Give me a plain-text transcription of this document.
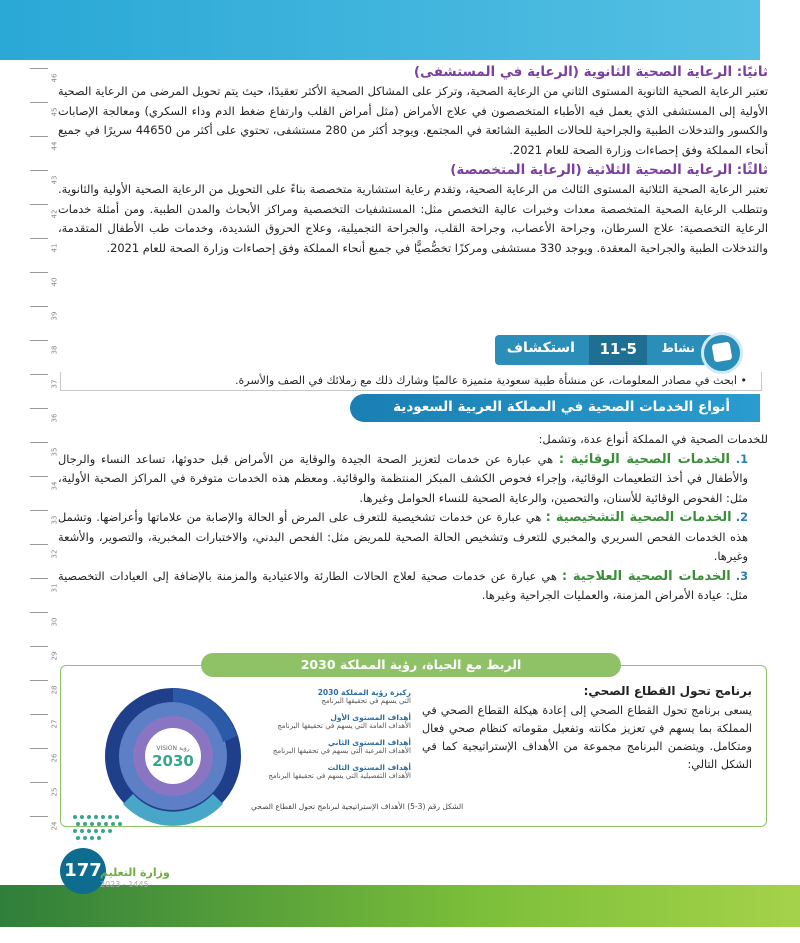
46
45
44
43
42
41
40
39
38
37
36
35
34
33
32
31
30
29
28
27
26
25
24
ثانيًا: الرعاية الصحية الثانوية (الرعاية في المستشفى)

تعتبر الرعاية الصحية الثانوية المستوى الثاني من الرعاية الصحية، وتركز على المشاكل الصحية الأكثر تعقيدًا، حيث يتم تحويل المرضى من الرعاية الصحية الأولية إلى المستشفى الذي يعمل فيه الأطباء المتخصصون في علاج الأمراض (مثل أمراض القلب وارتفاع ضغط الدم وداء السكري) ومعالجة الإصابات والكسور والتدخلات الطبية والجراحية للحالات الطبية الشائعة في المجتمع. ويوجد أكثر من 280 مستشفى، تحتوي على أكثر من 44650 سريرًا في جميع أنحاء المملكة وفق إحصاءات وزارة الصحة للعام 2021.

ثالثًا: الرعاية الصحية الثلاثية (الرعاية المتخصصة)

تعتبر الرعاية الصحية الثلاثية المستوى الثالث من الرعاية الصحية، وتقدم رعاية استشارية متخصصة بناءً على التحويل من الرعاية الصحية الأولية والثانوية. وتتطلب الرعاية الصحية المتخصصة معدات وخبرات عالية التخصص مثل: المستشفيات التخصصية ومراكز الأبحاث والمدن الطبية. ومن أمثلة خدمات الرعاية التخصصية: علاج السرطان، وجراحة الأعصاب، وجراحة القلب، والجراحة التجميلية، وعلاج الحروق الشديدة، وخدمات طب الأطفال المتقدمة، والتدخلات الطبية والجراحية المعقدة. ويوجد 330 مستشفى ومركزًا تخصُّصيًّا في جميع أنحاء المملكة وفق إحصاءات وزارة الصحة للعام 2021.

نشاط
11-5
استكشاف
• ابحث في مصادر المعلومات، عن منشأة طبية سعودية متميزة عالميًا وشارك ذلك مع زملائك في الصف والأسرة.
أنواع الخدمات الصحية في المملكة العربية السعودية

للخدمات الصحية في المملكة أنواع عدة، وتشمل:

1. الخدمات الصحية الوقائية : هي عبارة عن خدمات لتعزيز الصحة الجيدة والوقاية من الأمراض قبل حدوثها، تساعد النساء والرجال والأطفال في أخذ التطعيمات الوقائية، وإجراء فحوص الكشف المبكر المنتظمة والوقائية. ومعظم هذه الخدمات متوفرة في المراكز الصحية الأولية، مثل: الفحوص الوقائية للأسنان، والتحصين، والرعاية الصحية للنساء الحوامل وغيرها.

2. الخدمات الصحية التشخيصية : هي عبارة عن خدمات تشخيصية للتعرف على المرض أو الحالة والإصابة من علاماتها وأعراضها. وتشمل هذه الخدمات الفحص السريري والمخبري للتعرف وتشخيص الحالة الصحية للمريض مثل: الفحص البدني، والاختبارات المخبرية، والتصوير، والأشعة وغيرها.

3. الخدمات الصحية العلاجية : هي عبارة عن خدمات صحية لعلاج الحالات الطارئة والاعتيادية والمزمنة بالإضافة إلى العيادات التخصصية مثل: عيادة الأمراض المزمنة، والعمليات الجراحية وغيرها.

الربط مع الحياة، رؤية المملكة 2030
برنامج تحول القطاع الصحي:
يسعى برنامج تحول القطاع الصحي إلى إعادة هيكلة القطاع الصحي في المملكة بما يسهم في تعزيز مكانته وتفعيل مقوماته كنظام صحي فعال ومتكامل. ويتضمن البرنامج مجموعة من الأهداف الإستراتيجية كما في الشكل التالي:
VISION رؤية
2030
ركيزة رؤية المملكة 2030
التي يسهم في تحقيقها البرنامج
أهداف المستوى الأول
الأهداف العامة التي يسهم في تحقيقها البرنامج
أهداف المستوى الثاني
الأهداف الفرعية التي يسهم في تحقيقها البرنامج
أهداف المستوى الثالث
الأهداف التفصيلية التي يسهم في تحقيقها البرنامج
الشكل رقم (3-5) الأهداف الإستراتيجية لبرنامج تحول القطاع الصحي
177
وزارة التعليم
2023 - 1445
